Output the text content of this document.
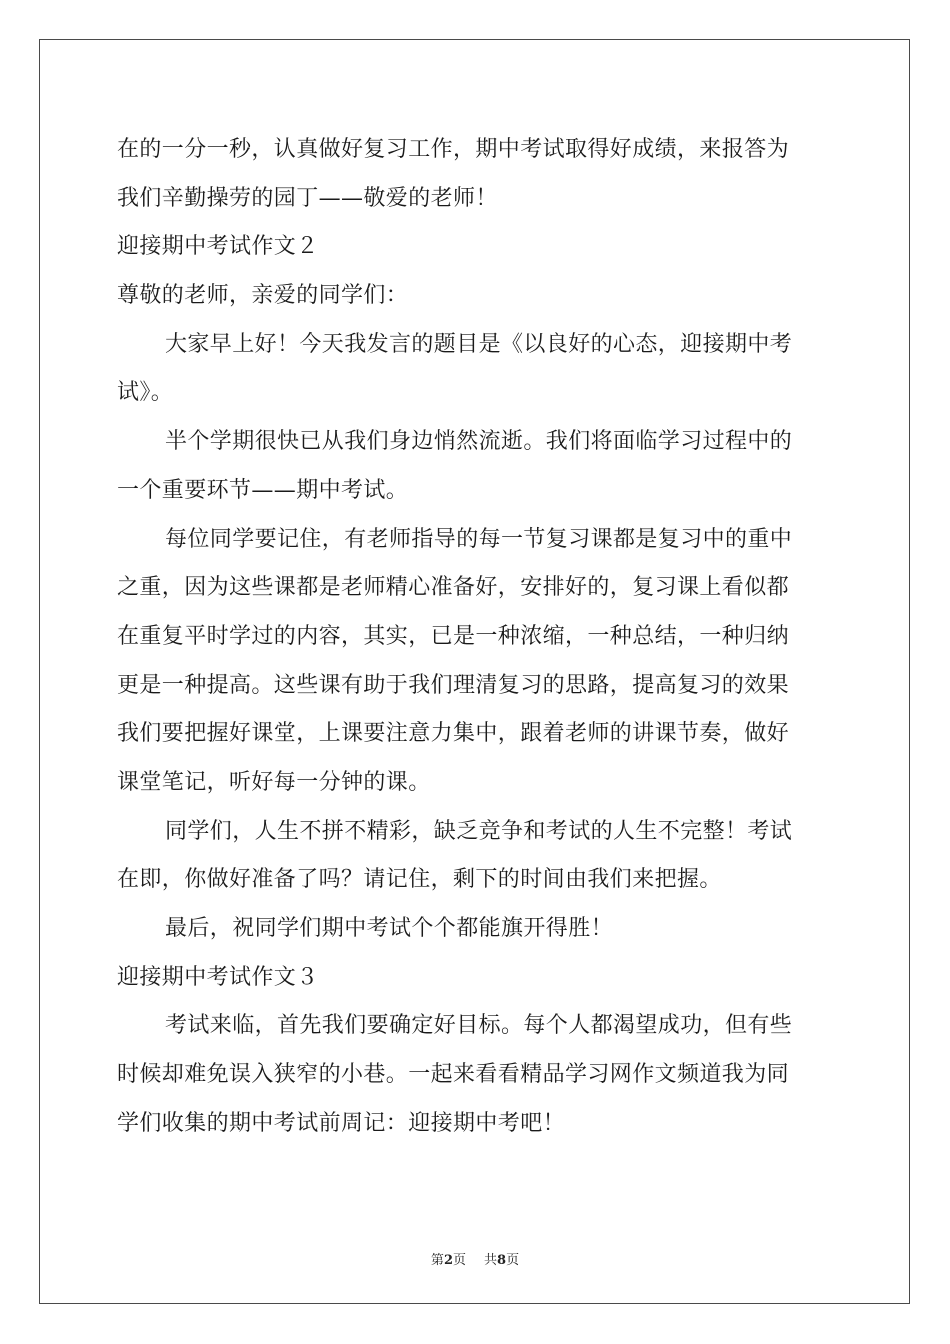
在的一分一秒，认真做好复习工作，期中考试取得好成绩，来报答为
我们辛勤操劳的园丁——敬爱的老师！
迎接期中考试作文２
尊敬的老师，亲爱的同学们：
大家早上好！今天我发言的题目是《以良好的心态，迎接期中考
试》。
半个学期很快已从我们身边悄然流逝。我们将面临学习过程中的
一个重要环节——期中考试。
每位同学要记住，有老师指导的每一节复习课都是复习中的重中
之重，因为这些课都是老师精心准备好，安排好的，复习课上看似都
在重复平时学过的内容，其实，已是一种浓缩，一种总结，一种归纳
更是一种提高。这些课有助于我们理清复习的思路，提高复习的效果
我们要把握好课堂，上课要注意力集中，跟着老师的讲课节奏，做好
课堂笔记，听好每一分钟的课。
同学们，人生不拼不精彩，缺乏竞争和考试的人生不完整！考试
在即，你做好准备了吗？请记住，剩下的时间由我们来把握。
最后，祝同学们期中考试个个都能旗开得胜！
迎接期中考试作文３
考试来临，首先我们要确定好目标。每个人都渴望成功，但有些
时候却难免误入狭窄的小巷。一起来看看精品学习网作文频道我为同
学们收集的期中考试前周记：迎接期中考吧！
第2页 共8页
